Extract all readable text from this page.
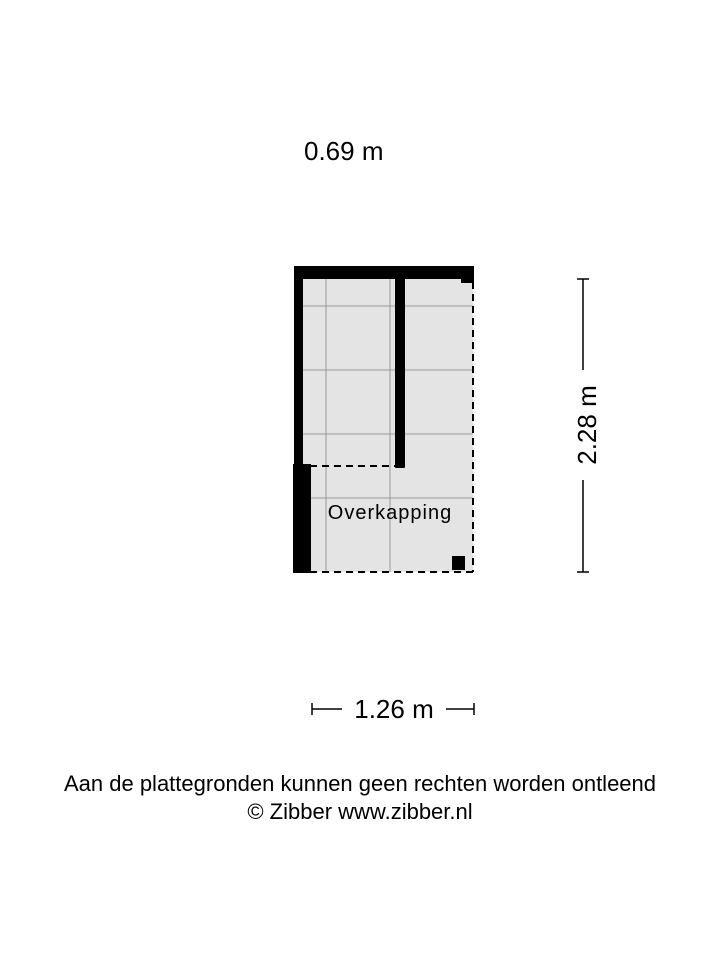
0.69 m
Overkapping
2.28 m
1.26 m
Aan de plattegronden kunnen geen rechten worden ontleend
© Zibber www.zibber.nl
